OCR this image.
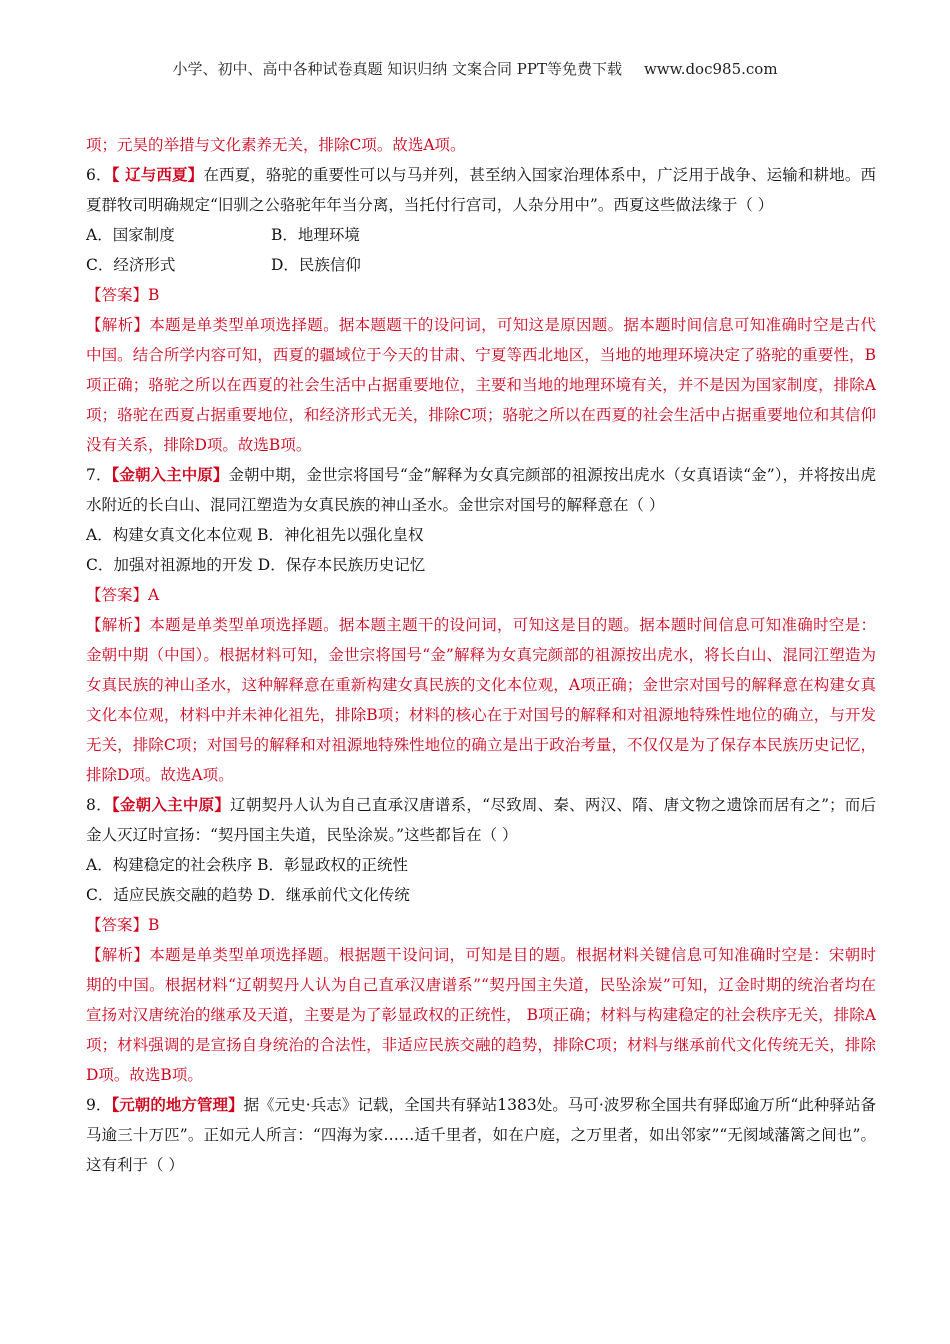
小学、初中、高中各种试卷真题 知识归纳 文案合同 PPT等免费下载 www.doc985.com

项；元昊的举措与文化素养无关，排除C项。故选A项。

6．【 辽与西夏】在西夏，骆驼的重要性可以与马并列，甚至纳入国家治理体系中，广泛用于战争、运输和耕地。西夏群牧司明确规定“旧驯之公骆驼年年当分离，当托付行宫司，人杂分用中”。西夏这些做法缘于（ ）

A．国家制度	B．地理环境
C．经济形式	D．民族信仰

【答案】B

【解析】本题是单类型单项选择题。据本题题干的设问词，可知这是原因题。据本题时间信息可知准确时空是古代中国。结合所学内容可知，西夏的疆域位于今天的甘肃、宁夏等西北地区，当地的地理环境决定了骆驼的重要性，B项正确；骆驼之所以在西夏的社会生活中占据重要地位，主要和当地的地理环境有关，并不是因为国家制度，排除A项；骆驼在西夏占据重要地位，和经济形式无关，排除C项；骆驼之所以在西夏的社会生活中占据重要地位和其信仰没有关系，排除D项。故选B项。

7．【金朝入主中原】金朝中期，金世宗将国号“金”解释为女真完颜部的祖源按出虎水（女真语读“金”），并将按出虎水附近的长白山、混同江塑造为女真民族的神山圣水。金世宗对国号的解释意在（ ）

A．构建女真文化本位观 B．神化祖先以强化皇权

C．加强对祖源地的开发 D．保存本民族历史记忆

【答案】A

【解析】本题是单类型单项选择题。据本题主题干的设问词，可知这是目的题。据本题时间信息可知准确时空是：金朝中期（中国）。根据材料可知，金世宗将国号“金”解释为女真完颜部的祖源按出虎水，将长白山、混同江塑造为女真民族的神山圣水，这种解释意在重新构建女真民族的文化本位观，A项正确；金世宗对国号的解释意在构建女真文化本位观，材料中并未神化祖先，排除B项；材料的核心在于对国号的解释和对祖源地特殊性地位的确立，与开发无关，排除C项；对国号的解释和对祖源地特殊性地位的确立是出于政治考量，不仅仅是为了保存本民族历史记忆，排除D项。故选A项。

8．【金朝入主中原】辽朝契丹人认为自己直承汉唐谱系，“尽致周、秦、两汉、隋、唐文物之遗馀而居有之”；而后金人灭辽时宣扬：“契丹国主失道，民坠涂炭。”这些都旨在（ ）

A．构建稳定的社会秩序 B．彰显政权的正统性

C．适应民族交融的趋势 D．继承前代文化传统

【答案】B

【解析】本题是单类型单项选择题。根据题干设问词，可知是目的题。根据材料关键信息可知准确时空是：宋朝时期的中国。根据材料“辽朝契丹人认为自己直承汉唐谱系”“契丹国主失道，民坠涂炭”可知，辽金时期的统治者均在宣扬对汉唐统治的继承及天道，主要是为了彰显政权的正统性， B项正确；材料与构建稳定的社会秩序无关，排除A项；材料强调的是宣扬自身统治的合法性，非适应民族交融的趋势，排除C项；材料与继承前代文化传统无关，排除D项。故选B项。

9．【元朝的地方管理】据《元史·兵志》记载，全国共有驿站1383处。马可·波罗称全国共有驿邸逾万所“此种驿站备马逾三十万匹”。正如元人所言：“四海为家……适千里者，如在户庭，之万里者，如出邻家”“无阂域藩篱之间也”。这有利于（ ）
